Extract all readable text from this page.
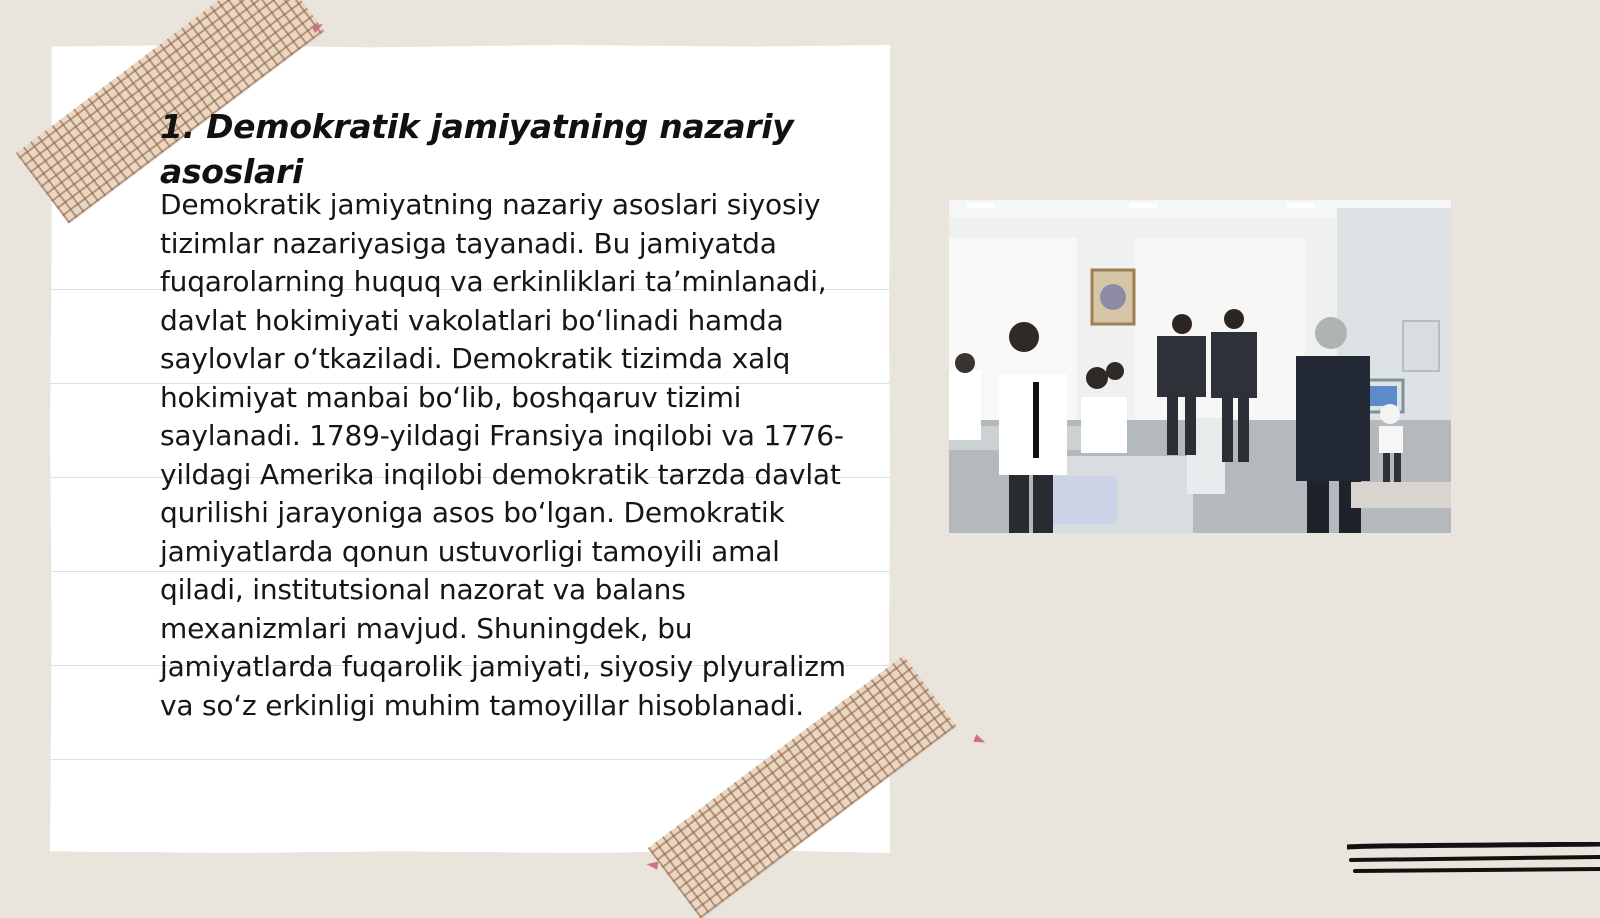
1. Demokratik jamiyatning nazariy asoslari

Demokratik jamiyatning nazariy asoslari siyosiy tizimlar nazariyasiga tayanadi. Bu jamiyatda fuqarolarning huquq va erkinliklari taʼminlanadi, davlat hokimiyati vakolatlari boʻlinadi hamda saylovlar oʻtkaziladi. Demokratik tizimda xalq hokimiyat manbai boʻlib, boshqaruv tizimi saylanadi. 1789-yildagi Fransiya inqilobi va 1776-yildagi Amerika inqilobi demokratik tarzda davlat qurilishi jarayoniga asos boʻlgan. Demokratik jamiyatlarda qonun ustuvorligi tamoyili amal qiladi, institutsional nazorat va balans mexanizmlari mavjud. Shuningdek, bu jamiyatlarda fuqarolik jamiyati, siyosiy plyuralizm va soʻz erkinligi muhim tamoyillar hisoblanadi.
